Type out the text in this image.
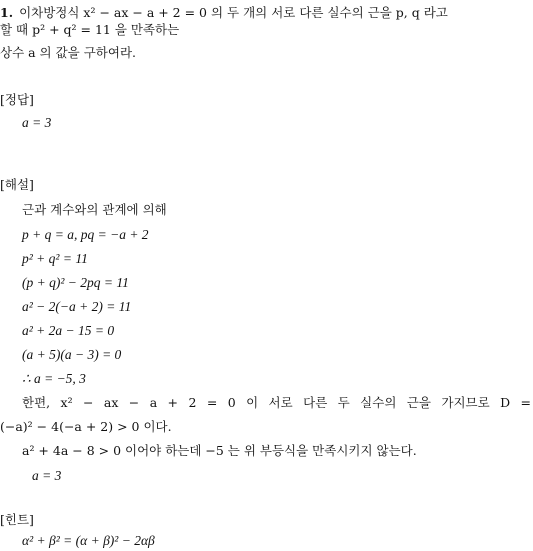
1. 이차방정식 x² − ax − a + 2 = 0 의 두 개의 서로 다른 실수의 근을 p, q 라고
할 때 p² + q² = 11 을 만족하는
상수 a 의 값을 구하여라.
[정답]
a = 3
[해설]
근과 계수와의 관계에 의해
p + q = a, pq = −a + 2
p² + q² = 11
(p + q)² − 2pq = 11
a² − 2(−a + 2) = 11
a² + 2a − 15 = 0
(a + 5)(a − 3) = 0
∴ a = −5, 3
한편, x² − ax − a + 2 = 0 이 서로 다른 두 실수의 근을 가지므로 D =
(−a)² − 4(−a + 2) > 0 이다.
a² + 4a − 8 > 0 이어야 하는데 −5 는 위 부등식을 만족시키지 않는다.
a = 3
[힌트]
α² + β² = (α + β)² − 2αβ
